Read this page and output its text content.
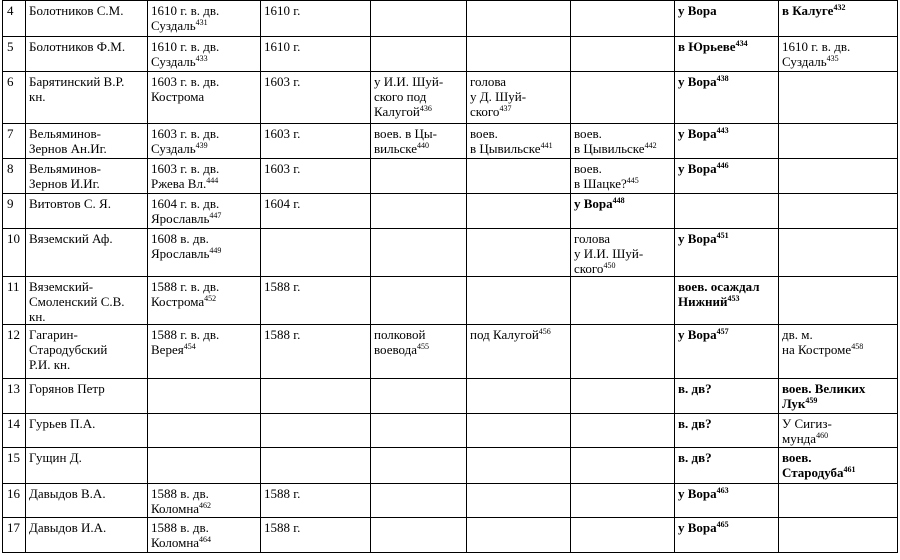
4	Болотников С.М.	1610 г. в. дв.
Суздаль$^{431}$	1610 г.				у Вора	в Калуге$^{432}$
5	Болотников Ф.М.	1610 г. в. дв.
Суздаль$^{433}$	1610 г.				в Юрьеве$^{434}$	1610 г. в. дв.
Суздаль$^{435}$
6	Барятинский В.Р.
кн.	1603 г. в. дв.
Кострома	1603 г.	у И.И. Шуй-
ского под
Калугой$^{436}$	голова
у Д. Шуй-
ского$^{437}$		у Вора$^{438}$	
7	Вельяминов-
Зернов Ан.Иг.	1603 г. в. дв.
Суздаль$^{439}$	1603 г.	воев. в Цы-
вильске$^{440}$	воев.
в Цывильске$^{441}$	воев.
в Цывильске$^{442}$	у Вора$^{443}$	
8	Вельяминов-
Зернов И.Иг.	1603 г. в. дв.
Ржева Вл.$^{444}$	1603 г.			воев.
в Шацке?$^{445}$	у Вора$^{446}$	
9	Витовтов С. Я.	1604 г. в. дв.
Ярославль$^{447}$	1604 г.			у Вора$^{448}$		
10	Вяземский Аф.	1608 в. дв.
Ярославль$^{449}$				голова
у И.И. Шуй-
ского$^{450}$	у Вора$^{451}$	
11	Вяземский-
Смоленский С.В.
кн.	1588 г. в. дв.
Кострома$^{452}$	1588 г.				воев. осаждал
Нижний$^{453}$	
12	Гагарин-
Стародубский
Р.И. кн.	1588 г. в. дв.
Верея$^{454}$	1588 г.	полковой
воевода$^{455}$	под Калугой$^{456}$		у Вора$^{457}$	дв. м.
на Костроме$^{458}$
13	Горянов Петр						в. дв?	воев. Великих
Лук$^{459}$
14	Гурьев П.А.						в. дв?	У Сигиз-
мунда$^{460}$
15	Гущин Д.						в. дв?	воев.
Стародуба$^{461}$
16	Давыдов В.А.	1588 в. дв.
Коломна$^{462}$	1588 г.				у Вора$^{463}$	
17	Давыдов И.А.	1588 в. дв.
Коломна$^{464}$	1588 г.				у Вора$^{465}$	
